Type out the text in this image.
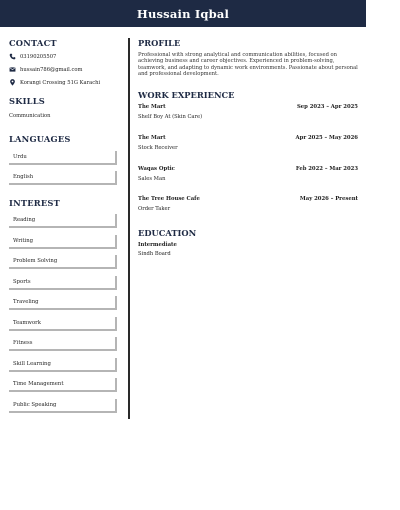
Hussain Iqbal
CONTACT
03190205507
hussain786@gmail.com
Korangi Crossing 51G Karachi
SKILLS
Communication
LANGUAGES
Urdu
English
INTEREST
Reading
Writing
Problem Solving
Sports
Traveling
Teamwork
Fitness
Skill Learning
Time Management
Public Speaking
PROFILE
Professional with strong analytical and communication abilities, focused on achieving business and career objectives. Experienced in problem-solving, teamwork, and adapting to dynamic work environments. Passionate about personal and professional development.
WORK EXPERIENCE
The Mart	Sep 2023 – Apr 2025
Shelf Boy At (Skin Care)
The Mart	Apr 2025 – May 2026
Stock Receiver
Waqas Optic	Feb 2022 – Mar 2023
Sales Man
The Tree House Cafe	May 2026 – Present
Order Taker
EDUCATION
Intermediate
Sindh Board
